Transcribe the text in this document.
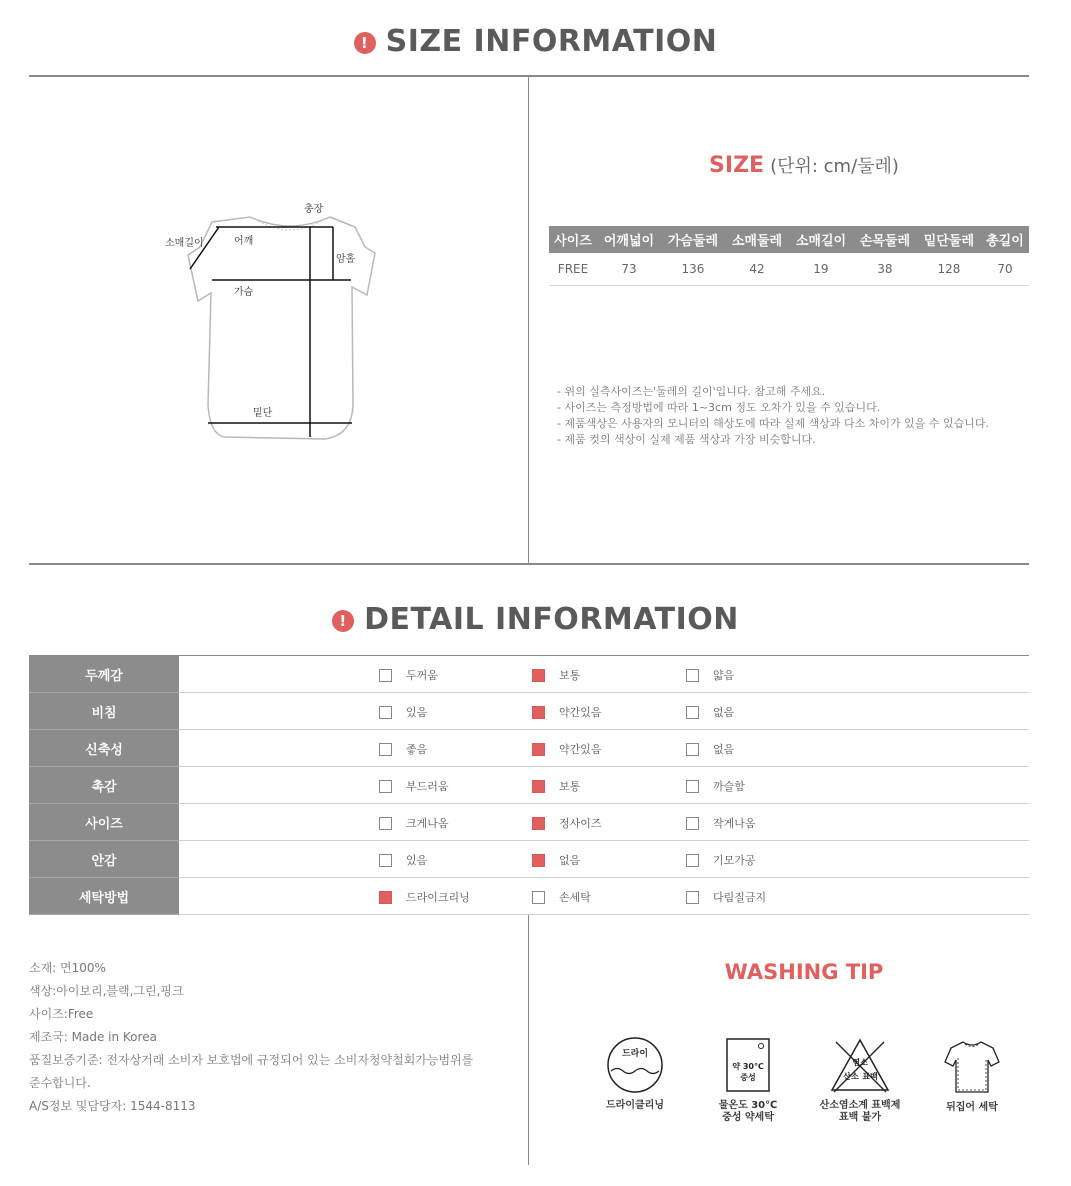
! SIZE INFORMATION
총장
소매길이	어깨
암홀
가슴
밑단
SIZE (단위: cm/둘레)
사이즈	어깨넓이	가슴둘레	소매둘레	소매길이	손목둘레	밑단둘레	총길이
FREE	73	136	42	19	38	128	70
- 위의 실측사이즈는'둘레의 길이'입니다. 참고해 주세요.
- 사이즈는 측정방법에 따라 1~3cm 정도 오차가 있을 수 있습니다.
- 제품색상은 사용자의 모니터의 해상도에 따라 실제 색상과 다소 차이가 있을 수 있습니다.
- 제품 컷의 색상이 실제 제품 색상과 가장 비슷합니다.
! DETAIL INFORMATION
두께감	두꺼움 보통 얇음

비침	있음 약간있음 없음

신축성	좋음 약간있음 없음

촉감	부드러움 보통 까슬함

사이즈	크게나옴 정사이즈 작게나옴

안감	있음 없음 기모가공

세탁방법	드라이크리닝 손세탁 다림질금지
소재: 면100%
색상:아이보리,블랙,그린,핑크
사이즈:Free
제조국: Made in Korea
품질보증기준: 전자상거래 소비자 보호법에 규정되어 있는 소비자청약철회가능범위를
준수합니다.
A/S정보 및담당자: 1544-8113
WASHING TIP
드라이
드라이클리닝
약 30℃
중성
물온도 30℃
중성 약세탁
염소
산소 표백
산소염소계 표백제
표백 불가
뒤집어 세탁
